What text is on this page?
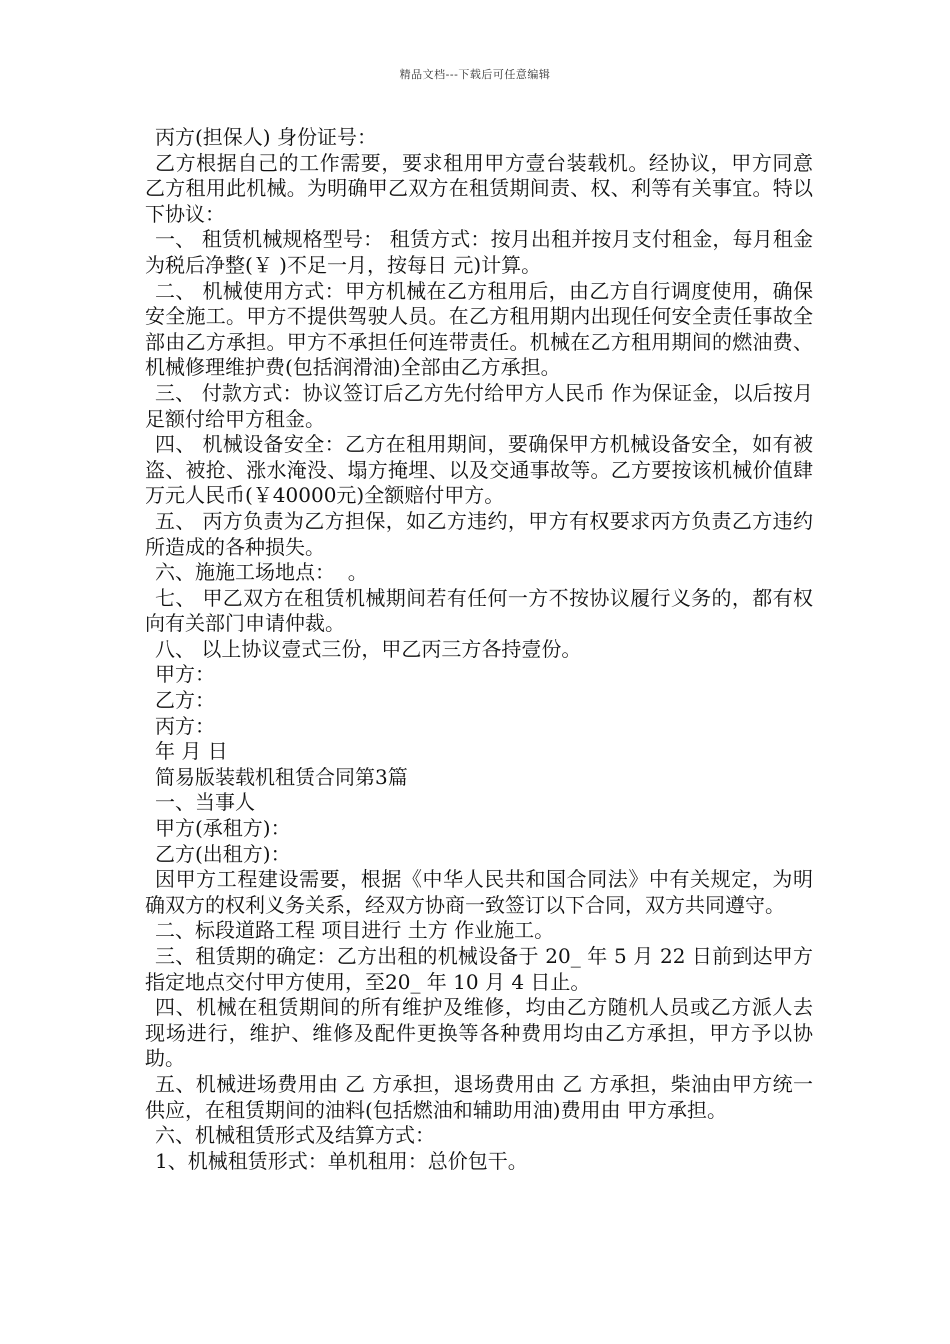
精品文档---下载后可任意编辑

丙方(担保人) 身份证号：

乙方根据自己的工作需要，要求租用甲方壹台装载机。经协议，甲方同意乙方租用此机械。为明确甲乙双方在租赁期间责、权、利等有关事宜。特以下协议：

一、 租赁机械规格型号： 租赁方式：按月出租并按月支付租金，每月租金为税后净整(￥ )不足一月，按每日 元)计算。

二、 机械使用方式：甲方机械在乙方租用后，由乙方自行调度使用，确保安全施工。甲方不提供驾驶人员。在乙方租用期内出现任何安全责任事故全部由乙方承担。甲方不承担任何连带责任。机械在乙方租用期间的燃油费、机械修理维护费(包括润滑油)全部由乙方承担。

三、 付款方式：协议签订后乙方先付给甲方人民币 作为保证金，以后按月足额付给甲方租金。

四、 机械设备安全：乙方在租用期间，要确保甲方机械设备安全，如有被盗、被抢、涨水淹没、塌方掩埋、以及交通事故等。乙方要按该机械价值肆万元人民币(￥40000元)全额赔付甲方。

五、 丙方负责为乙方担保，如乙方违约，甲方有权要求丙方负责乙方违约所造成的各种损失。

六、施施工场地点：  。

七、 甲乙双方在租赁机械期间若有任何一方不按协议履行义务的，都有权向有关部门申请仲裁。

八、 以上协议壹式三份，甲乙丙三方各持壹份。

甲方：

乙方：

丙方：

年 月 日

简易版装载机租赁合同第3篇

一、当事人

甲方(承租方)：

乙方(出租方)：

因甲方工程建设需要，根据《中华人民共和国合同法》中有关规定，为明确双方的权利义务关系，经双方协商一致签订以下合同，双方共同遵守。

二、标段道路工程 项目进行 土方 作业施工。

三、租赁期的确定：乙方出租的机械设备于 20_ 年 5 月 22 日前到达甲方指定地点交付甲方使用，至20_ 年 10 月 4 日止。

四、机械在租赁期间的所有维护及维修，均由乙方随机人员或乙方派人去现场进行，维护、维修及配件更换等各种费用均由乙方承担，甲方予以协助。

五、机械进场费用由 乙 方承担，退场费用由 乙 方承担，柴油由甲方统一供应，在租赁期间的油料(包括燃油和辅助用油)费用由 甲方承担。

六、机械租赁形式及结算方式：

1、机械租赁形式：单机租用：总价包干。
